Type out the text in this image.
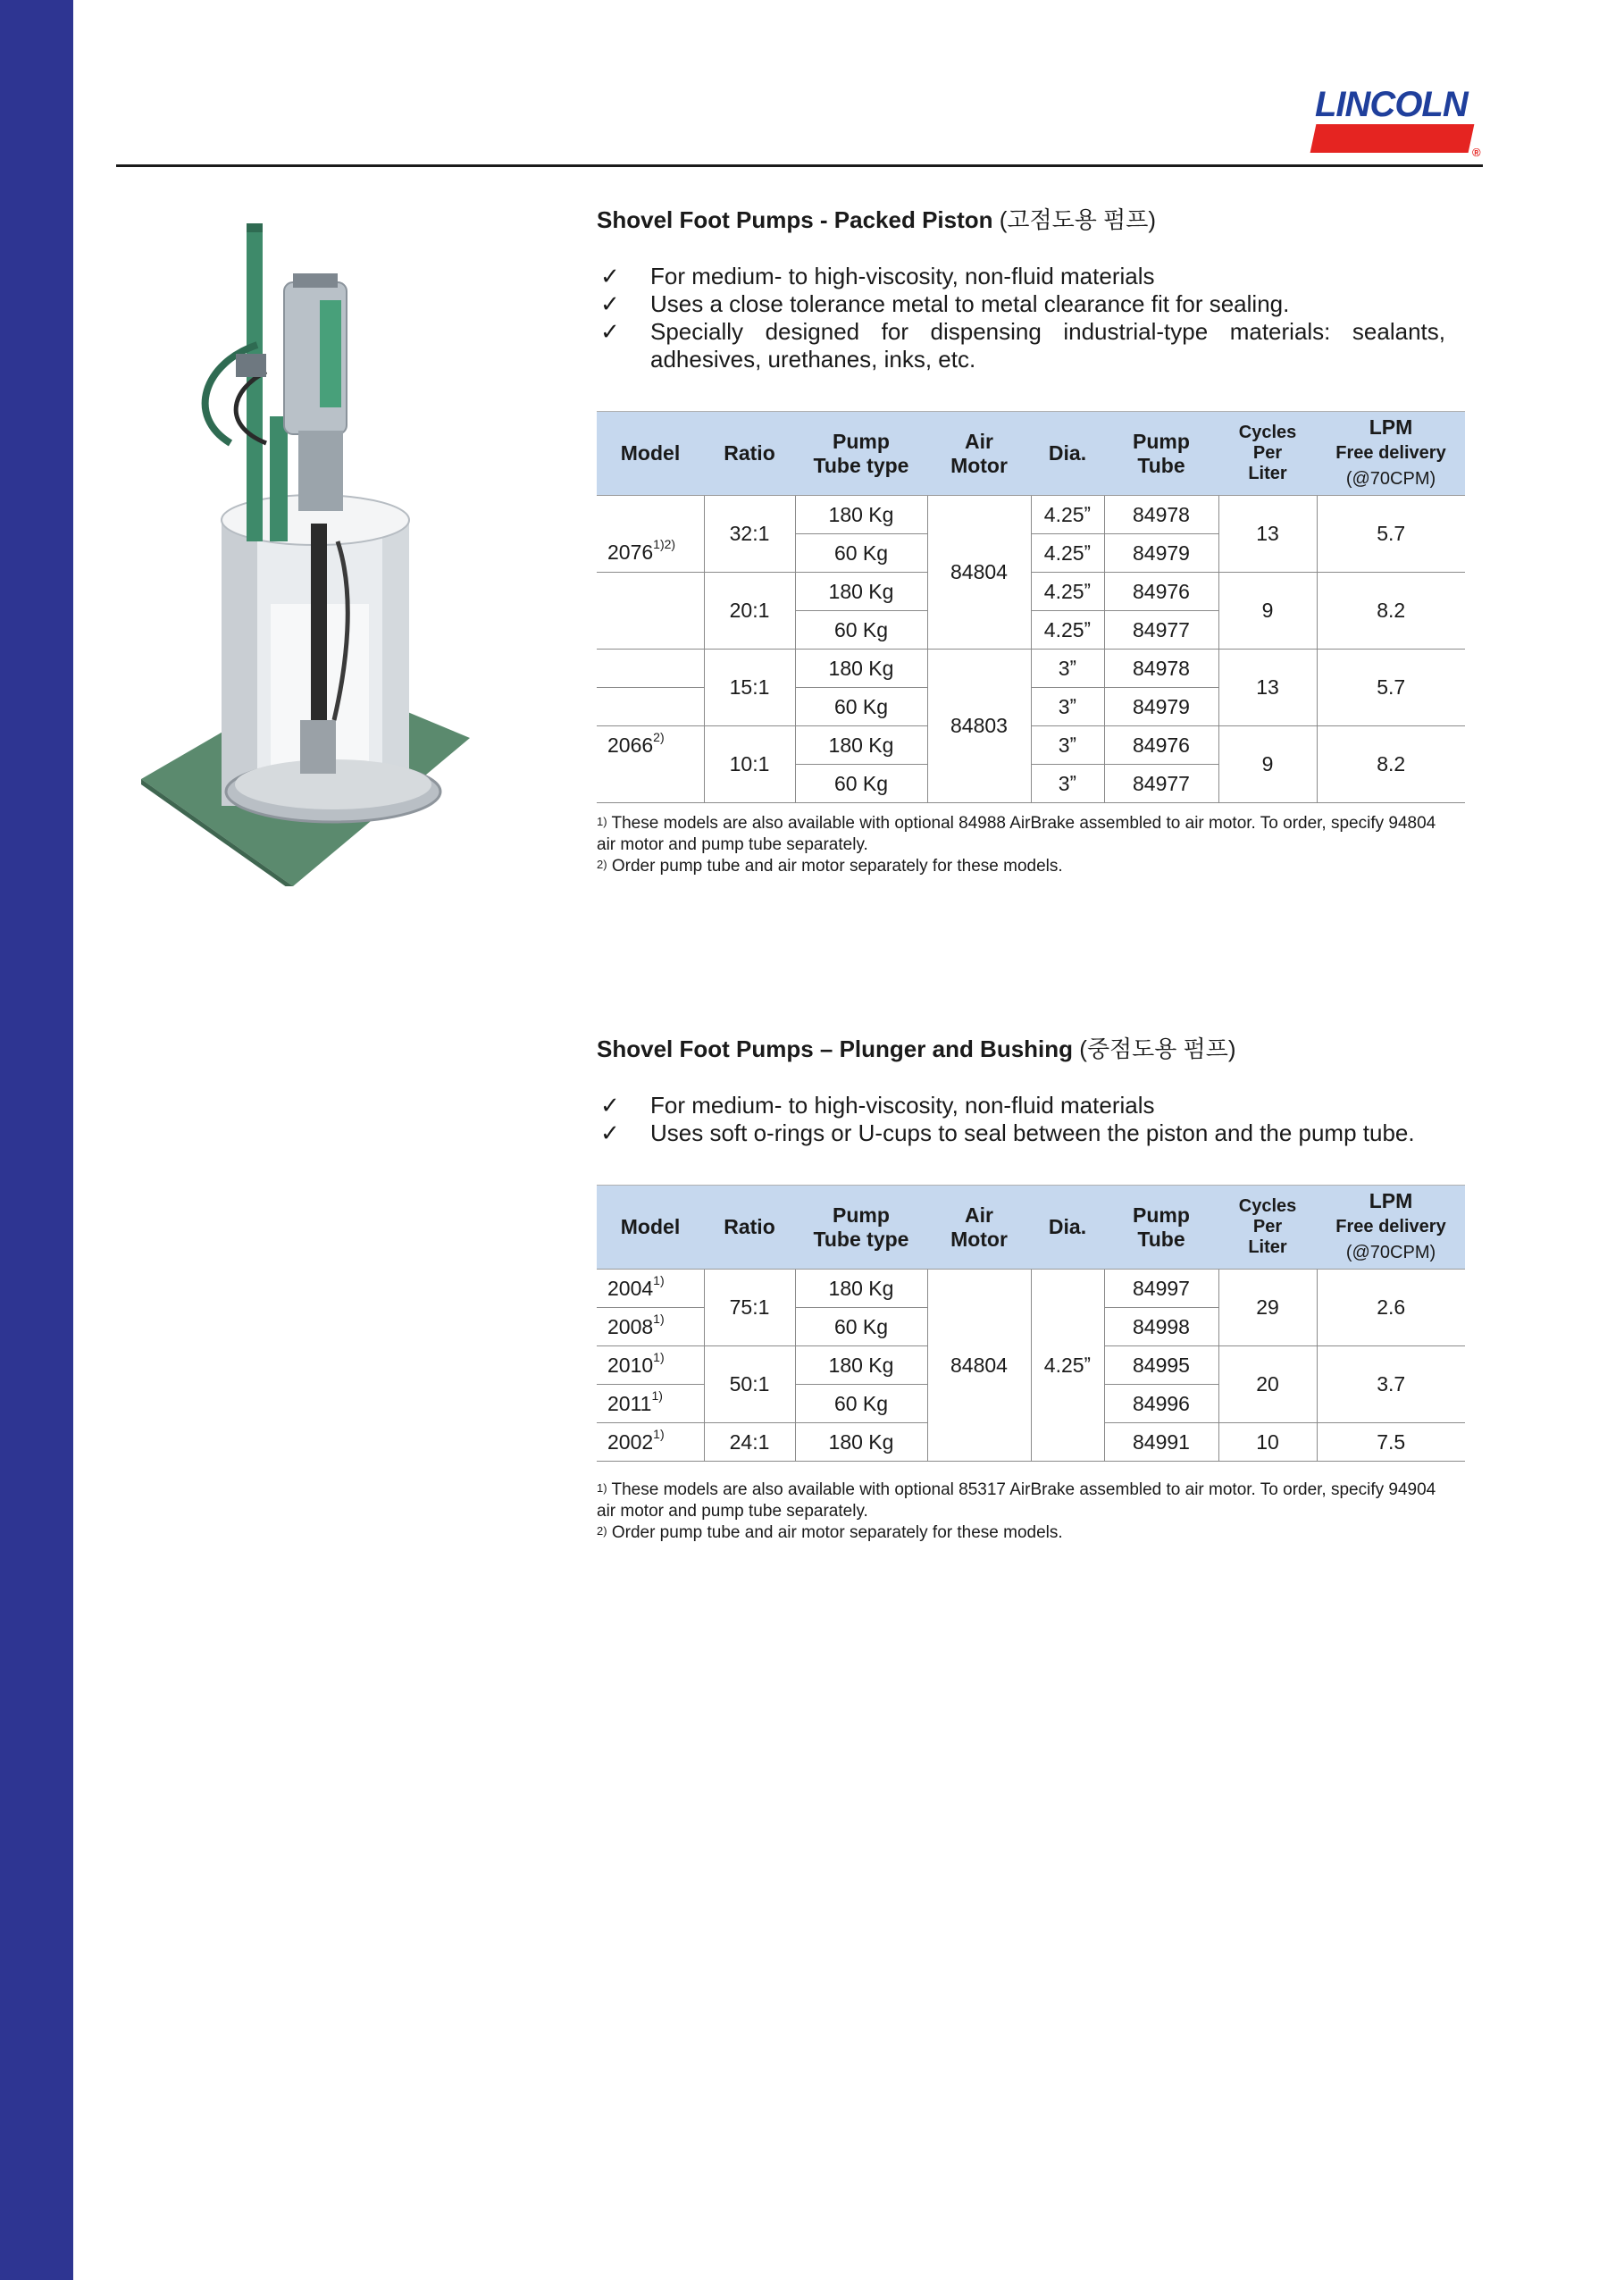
LINCOLN
®
Shovel Foot Pumps - Packed Piston (고점도용 펌프)
✓ For medium- to high-viscosity, non-fluid materials
✓ Uses a close tolerance metal to metal clearance fit for sealing.
✓ Specially designed for dispensing industrial-type materials: sealants, adhesives, urethanes, inks, etc.
Model	Ratio	Pump
Tube type	Air
Motor	Dia.	Pump
Tube	Cycles
Per
Liter	LPM
Free delivery
(@70CPM)
	32:1	180 Kg	84804	4.25ˮ	84978	13	5.7
$2076^{1)2)}$		60 Kg		4.25ˮ	84979		
	20:1	180 Kg		4.25ˮ	84976	9	8.2
		60 Kg		4.25ˮ	84977		
	15:1	180 Kg	84803	3ˮ	84978	13	5.7
		60 Kg		3ˮ	84979		
2066$^{2)}$	10:1	180 Kg		3ˮ	84976	9	8.2
		60 Kg		3ˮ	84977		
$^{1)}$ These models are also available with optional 84988 AirBrake assembled to air motor. To order, specify 94804 air motor and pump tube separately.
$^{2)}$ Order pump tube and air motor separately for these models.
Shovel Foot Pumps – Plunger and Bushing (중점도용 펌프)
✓ For medium- to high-viscosity, non-fluid materials
✓ Uses soft o-rings or U-cups to seal between the piston and the pump tube.
Model	Ratio	Pump
Tube type	Air
Motor	Dia.	Pump
Tube	Cycles
Per
Liter	LPM
Free delivery
(@70CPM)
2004$^{1)}$	75:1	180 Kg	84804	4.25ˮ	84997	29	2.6
2008$^{1)}$		60 Kg			84998		
2010$^{1)}$	50:1	180 Kg			84995	20	3.7
2011$^{1)}$		60 Kg			84996		
2002$^{1)}$	24:1	180 Kg			84991	10	7.5
$^{1)}$ These models are also available with optional 85317 AirBrake assembled to air motor. To order, specify 94904 air motor and pump tube separately.
$^{2)}$ Order pump tube and air motor separately for these models.
